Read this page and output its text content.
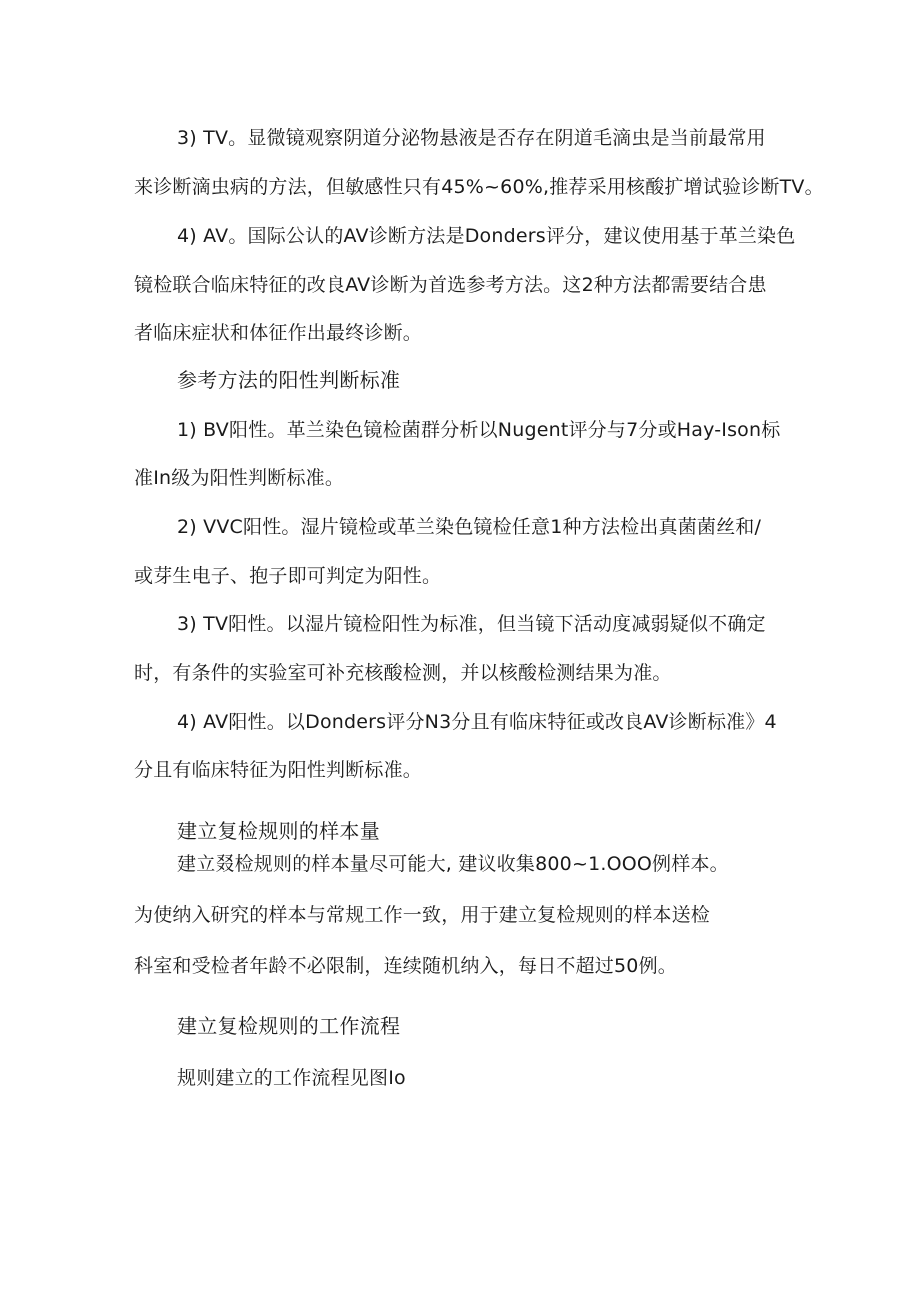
3) TV。显微镜观察阴道分泌物悬液是否存在阴道毛滴虫是当前最常用
来诊断滴虫病的方法，但敏感性只有45%~60%,推荐采用核酸扩增试验诊断TV。
4) AV。国际公认的AV诊断方法是Donders评分，建议使用基于革兰染色
镜检联合临床特征的改良AV诊断为首选参考方法。这2种方法都需要结合患
者临床症状和体征作出最终诊断。
参考方法的阳性判断标准
1) BV阳性。革兰染色镜检菌群分析以Nugent评分与7分或Hay-Ison标
准In级为阳性判断标准。
2) VVC阳性。湿片镜检或革兰染色镜检任意1种方法检出真菌菌丝和/
或芽生电子、抱子即可判定为阳性。
3) TV阳性。以湿片镜检阳性为标准，但当镜下活动度减弱疑似不确定
时，有条件的实验室可补充核酸检测，并以核酸检测结果为准。
4) AV阳性。以Donders评分N3分且有临床特征或改良AV诊断标准》4
分且有临床特征为阳性判断标准。
建立复检规则的样本量
建立叕检规则的样本量尽可能大, 建议收集800~1.OOO例样本。
为使纳入研究的样本与常规工作一致，用于建立复检规则的样本送检
科室和受检者年龄不必限制，连续随机纳入，每日不超过50例。
建立复检规则的工作流程
规则建立的工作流程见图Io
